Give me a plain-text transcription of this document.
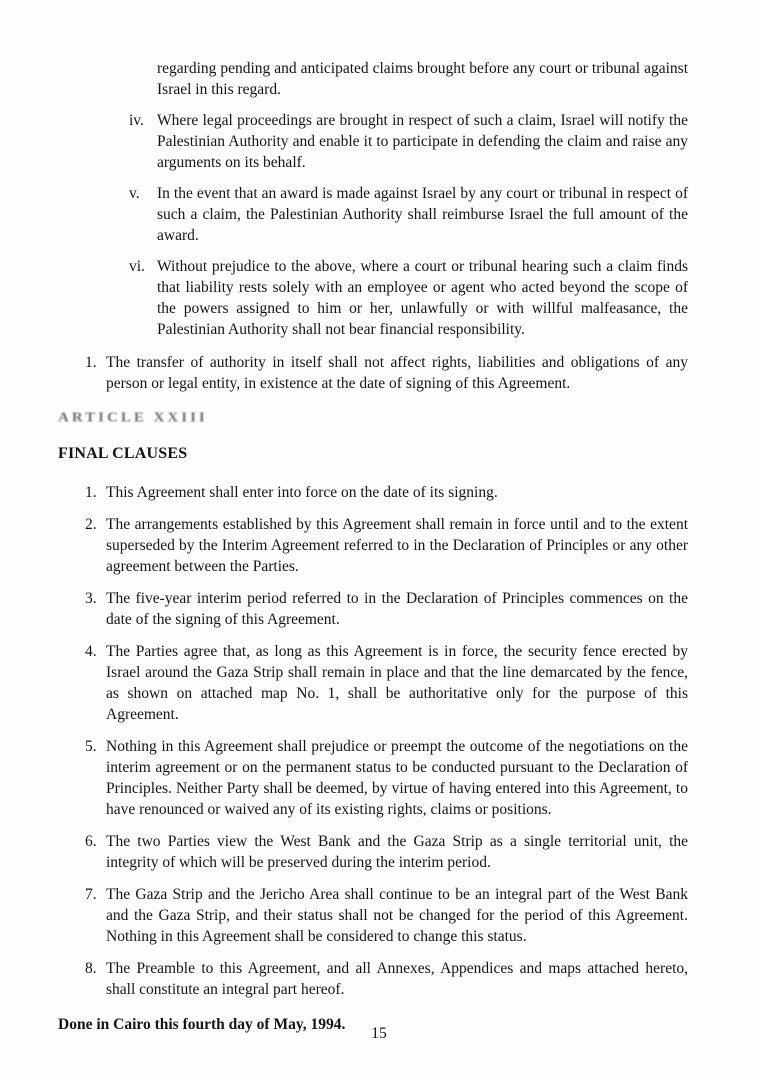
regarding pending and anticipated claims brought before any court or tribunal against Israel in this regard.

iv. Where legal proceedings are brought in respect of such a claim, Israel will notify the Palestinian Authority and enable it to participate in defending the claim and raise any arguments on its behalf.
v.	In the event that an award is made against Israel by any court or tribunal in respect of such a claim, the Palestinian Authority shall reimburse Israel the full amount of the award.
vi. Without prejudice to the above, where a court or tribunal hearing such a claim finds that liability rests solely with an employee or agent who acted beyond the scope of the powers assigned to him or her, unlawfully or with willful malfeasance, the Palestinian Authority shall not bear financial responsibility.
1. The transfer of authority in itself shall not affect rights, liabilities and obligations of any person or legal entity, in existence at the date of signing of this Agreement.
ARTICLE XXIII
FINAL CLAUSES
1. This Agreement shall enter into force on the date of its signing.
2. The arrangements established by this Agreement shall remain in force until and to the extent superseded by the Interim Agreement referred to in the Declaration of Principles or any other agreement between the Parties.
3. The five-year interim period referred to in the Declaration of Principles commences on the date of the signing of this Agreement.
4. The Parties agree that, as long as this Agreement is in force, the security fence erected by Israel around the Gaza Strip shall remain in place and that the line demarcated by the fence, as shown on attached map No. 1, shall be authoritative only for the purpose of this Agreement.
5. Nothing in this Agreement shall prejudice or preempt the outcome of the negotiations on the interim agreement or on the permanent status to be conducted pursuant to the Declaration of Principles. Neither Party shall be deemed, by virtue of having entered into this Agreement, to have renounced or waived any of its existing rights, claims or positions.
6. The two Parties view the West Bank and the Gaza Strip as a single territorial unit, the integrity of which will be preserved during the interim period.
7. The Gaza Strip and the Jericho Area shall continue to be an integral part of the West Bank and the Gaza Strip, and their status shall not be changed for the period of this Agreement. Nothing in this Agreement shall be considered to change this status.
8. The Preamble to this Agreement, and all Annexes, Appendices and maps attached hereto, shall constitute an integral part hereof.

Done in Cairo this fourth day of May, 1994.

15
